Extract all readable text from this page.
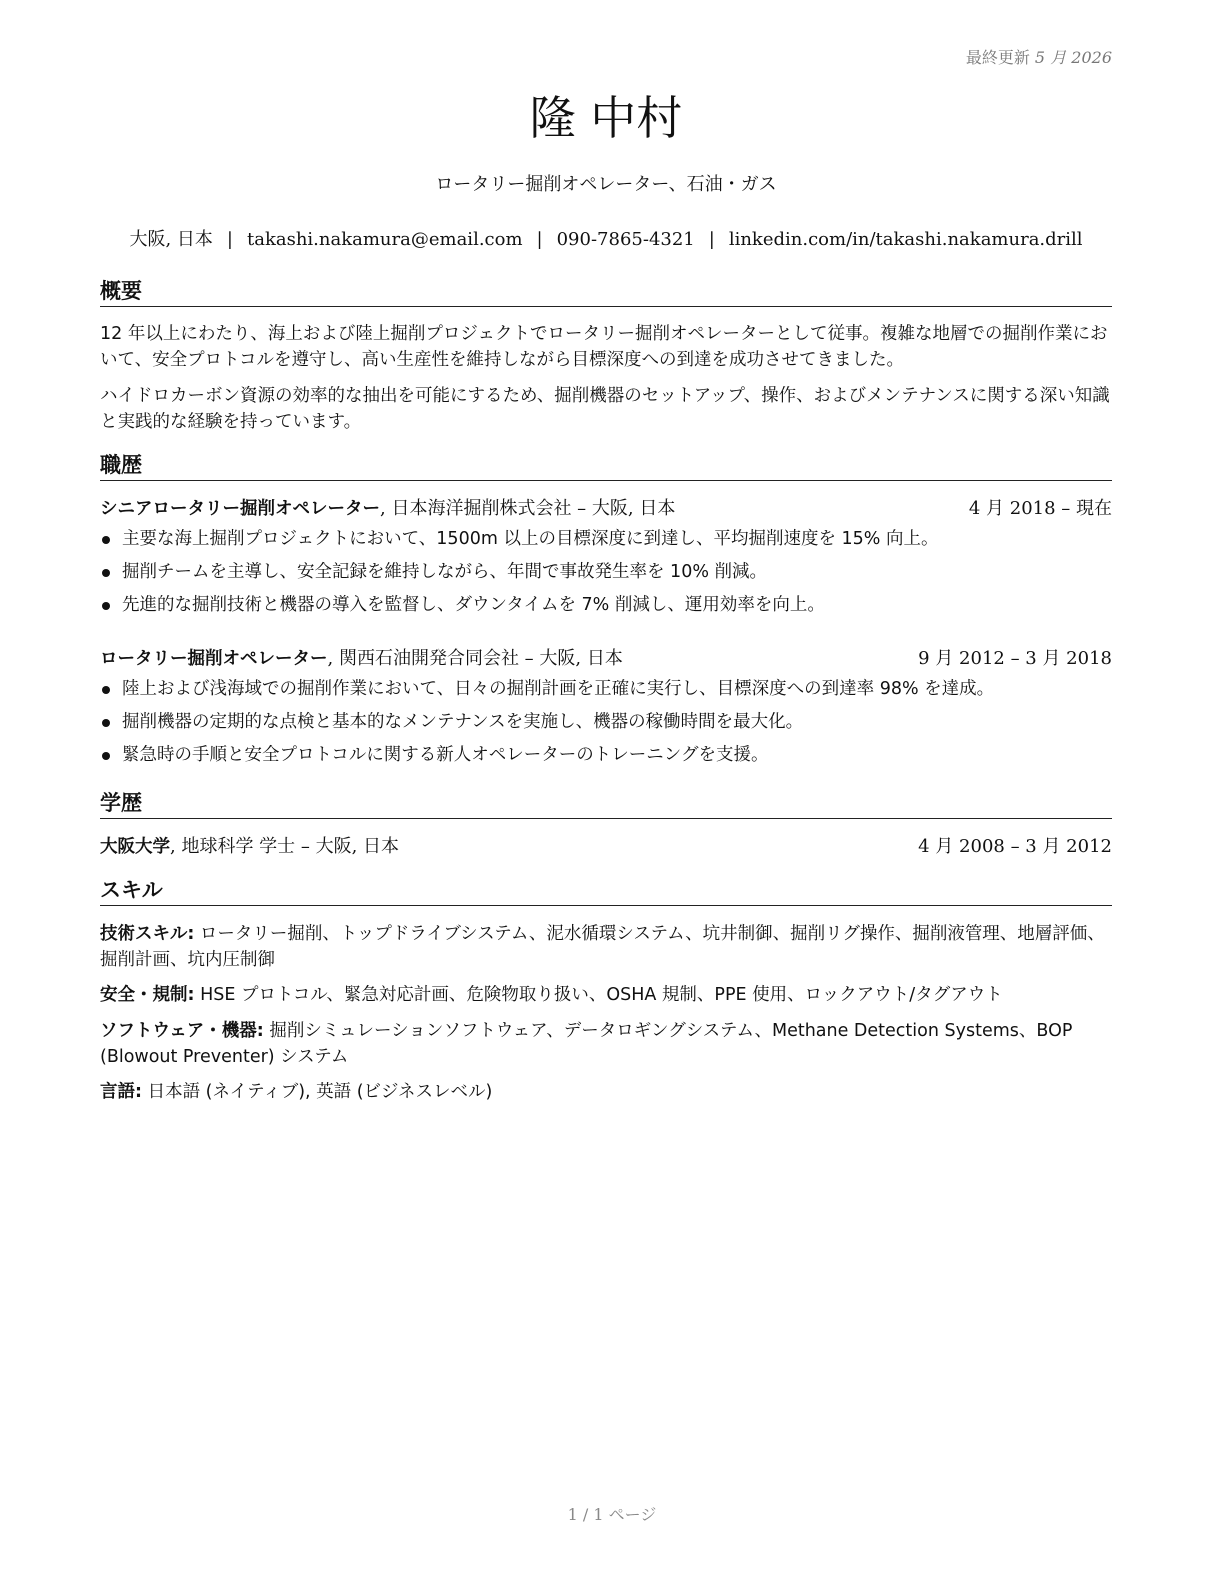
最終更新 5 月 2026
隆 中村
ロータリー掘削オペレーター、石油・ガス
大阪, 日本 | takashi.nakamura@email.com | 090-7865-4321 | linkedin.com/in/takashi.nakamura.drill
概要
12 年以上にわたり、海上および陸上掘削プロジェクトでロータリー掘削オペレーターとして従事。複雑な地層での掘削作業において、安全プロトコルを遵守し、高い生産性を維持しながら目標深度への到達を成功させてきました。
ハイドロカーボン資源の効率的な抽出を可能にするため、掘削機器のセットアップ、操作、およびメンテナンスに関する深い知識と実践的な経験を持っています。
職歴
シニアロータリー掘削オペレーター, 日本海洋掘削株式会社 – 大阪, 日本	4 月 2018 – 現在
主要な海上掘削プロジェクトにおいて、1500m 以上の目標深度に到達し、平均掘削速度を 15% 向上。
掘削チームを主導し、安全記録を維持しながら、年間で事故発生率を 10% 削減。
先進的な掘削技術と機器の導入を監督し、ダウンタイムを 7% 削減し、運用効率を向上。
ロータリー掘削オペレーター, 関西石油開発合同会社 – 大阪, 日本	9 月 2012 – 3 月 2018
陸上および浅海域での掘削作業において、日々の掘削計画を正確に実行し、目標深度への到達率 98% を達成。
掘削機器の定期的な点検と基本的なメンテナンスを実施し、機器の稼働時間を最大化。
緊急時の手順と安全プロトコルに関する新人オペレーターのトレーニングを支援。
学歴
大阪大学, 地球科学 学士 – 大阪, 日本	4 月 2008 – 3 月 2012
スキル
技術スキル: ロータリー掘削、トップドライブシステム、泥水循環システム、坑井制御、掘削リグ操作、掘削液管理、地層評価、掘削計画、坑内圧制御
安全・規制: HSE プロトコル、緊急対応計画、危険物取り扱い、OSHA 規制、PPE 使用、ロックアウト/タグアウト
ソフトウェア・機器: 掘削シミュレーションソフトウェア、データロギングシステム、Methane Detection Systems、BOP (Blowout Preventer) システム
言語: 日本語 (ネイティブ), 英語 (ビジネスレベル)
1 / 1 ページ
